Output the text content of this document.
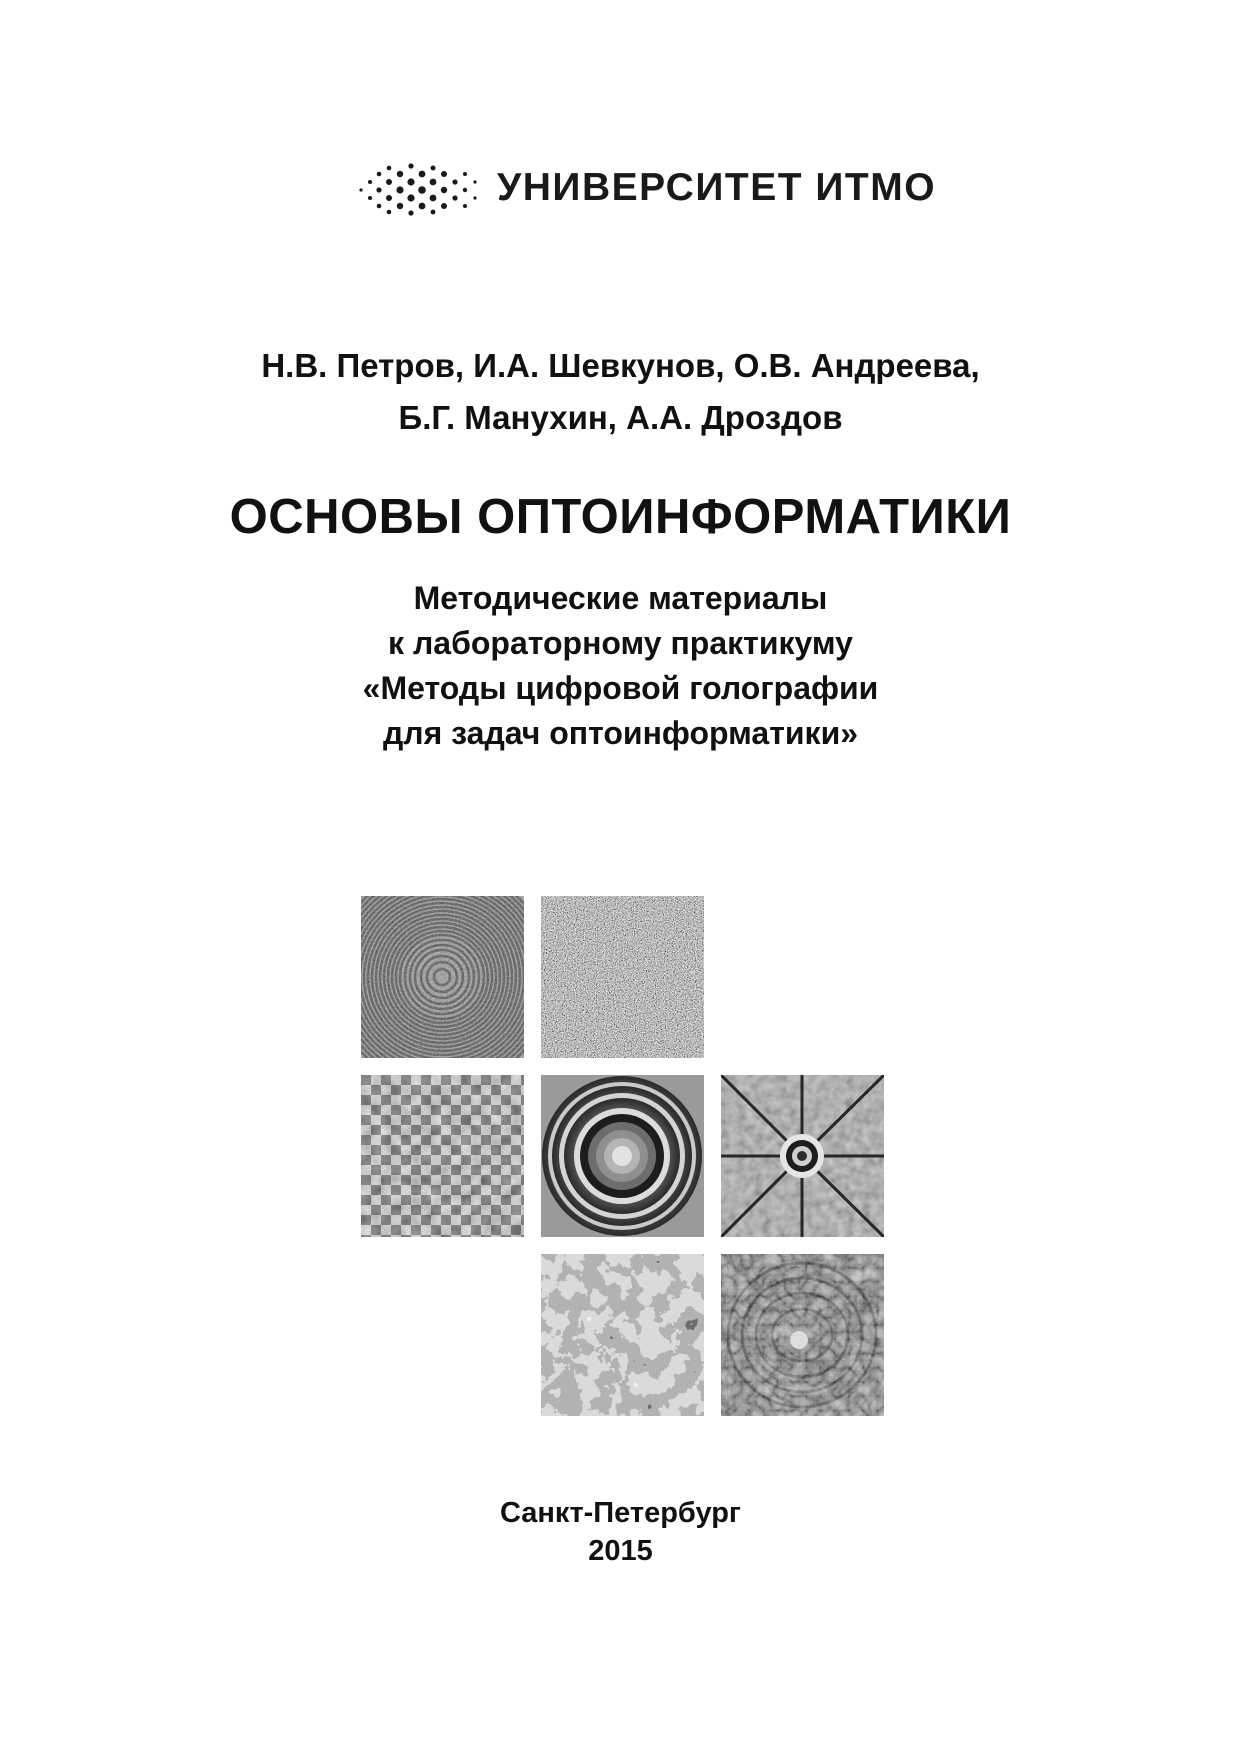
УНИВЕРСИТЕТ ИТМО
Н.В. Петров, И.А. Шевкунов, О.В. Андреева,
Б.Г. Манухин, А.А. Дроздов
ОСНОВЫ ОПТОИНФОРМАТИКИ
Методические материалы
к лабораторному практикуму
«Методы цифровой голографии
для задач оптоинформатики»
Санкт-Петербург
2015
